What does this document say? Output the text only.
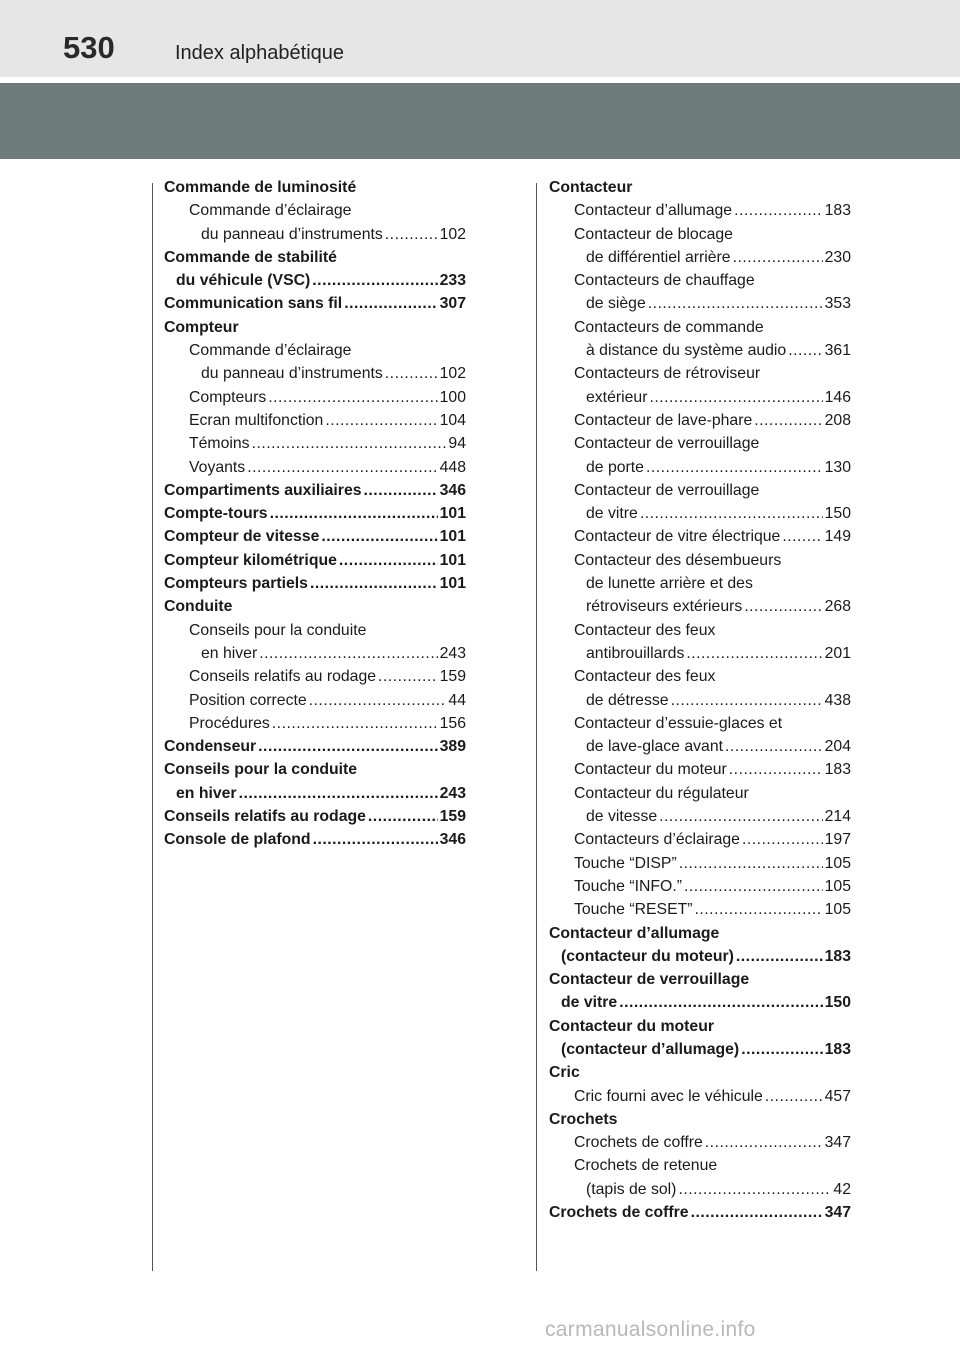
530	Index alphabétique
Commande de luminosité
Commande d’éclairage
du panneau d’instruments .....	102
Commande de stabilité
du véhicule (VSC) .....	233
Communication sans fil .....	307
Compteur
Commande d’éclairage
du panneau d’instruments .....	102
Compteurs .....	100
Ecran multifonction .....	104
Témoins .....	94
Voyants .....	448
Compartiments auxiliaires .....	346
Compte-tours .....	101
Compteur de vitesse .....	101
Compteur kilométrique .....	101
Compteurs partiels .....	101
Conduite
Conseils pour la conduite
en hiver .....	243
Conseils relatifs au rodage .....	159
Position correcte .....	44
Procédures .....	156
Condenseur .....	389
Conseils pour la conduite
en hiver .....	243
Conseils relatifs au rodage .....	159
Console de plafond .....	346
Contacteur
Contacteur d’allumage .....	183
Contacteur de blocage
de différentiel arrière .....	230
Contacteurs de chauffage
de siège .....	353
Contacteurs de commande
à distance du système audio ..... 361
Contacteurs de rétroviseur
extérieur .....	146
Contacteur de lave-phare .....	208
Contacteur de verrouillage
de porte .....	130
Contacteur de verrouillage
de vitre .....	150
Contacteur de vitre électrique .....	149
Contacteur des désembueurs
de lunette arrière et des
rétroviseurs extérieurs .....	268
Contacteur des feux
antibrouillards .....	201
Contacteur des feux
de détresse .....	438
Contacteur d’essuie-glaces et
de lave-glace avant .....	204
Contacteur du moteur .....	183
Contacteur du régulateur
de vitesse .....	214
Contacteurs d’éclairage .....	197
Touche “DISP” .....	105
Touche “INFO.” .....	105
Touche “RESET” .....	105
Contacteur d’allumage
(contacteur du moteur) .....	183
Contacteur de verrouillage
de vitre .....	150
Contacteur du moteur
(contacteur d’allumage) .....	183
Cric
Cric fourni avec le véhicule .....	457
Crochets
Crochets de coffre .....	347
Crochets de retenue
(tapis de sol) .....	42
Crochets de coffre .....	347
carmanualsonline.info
